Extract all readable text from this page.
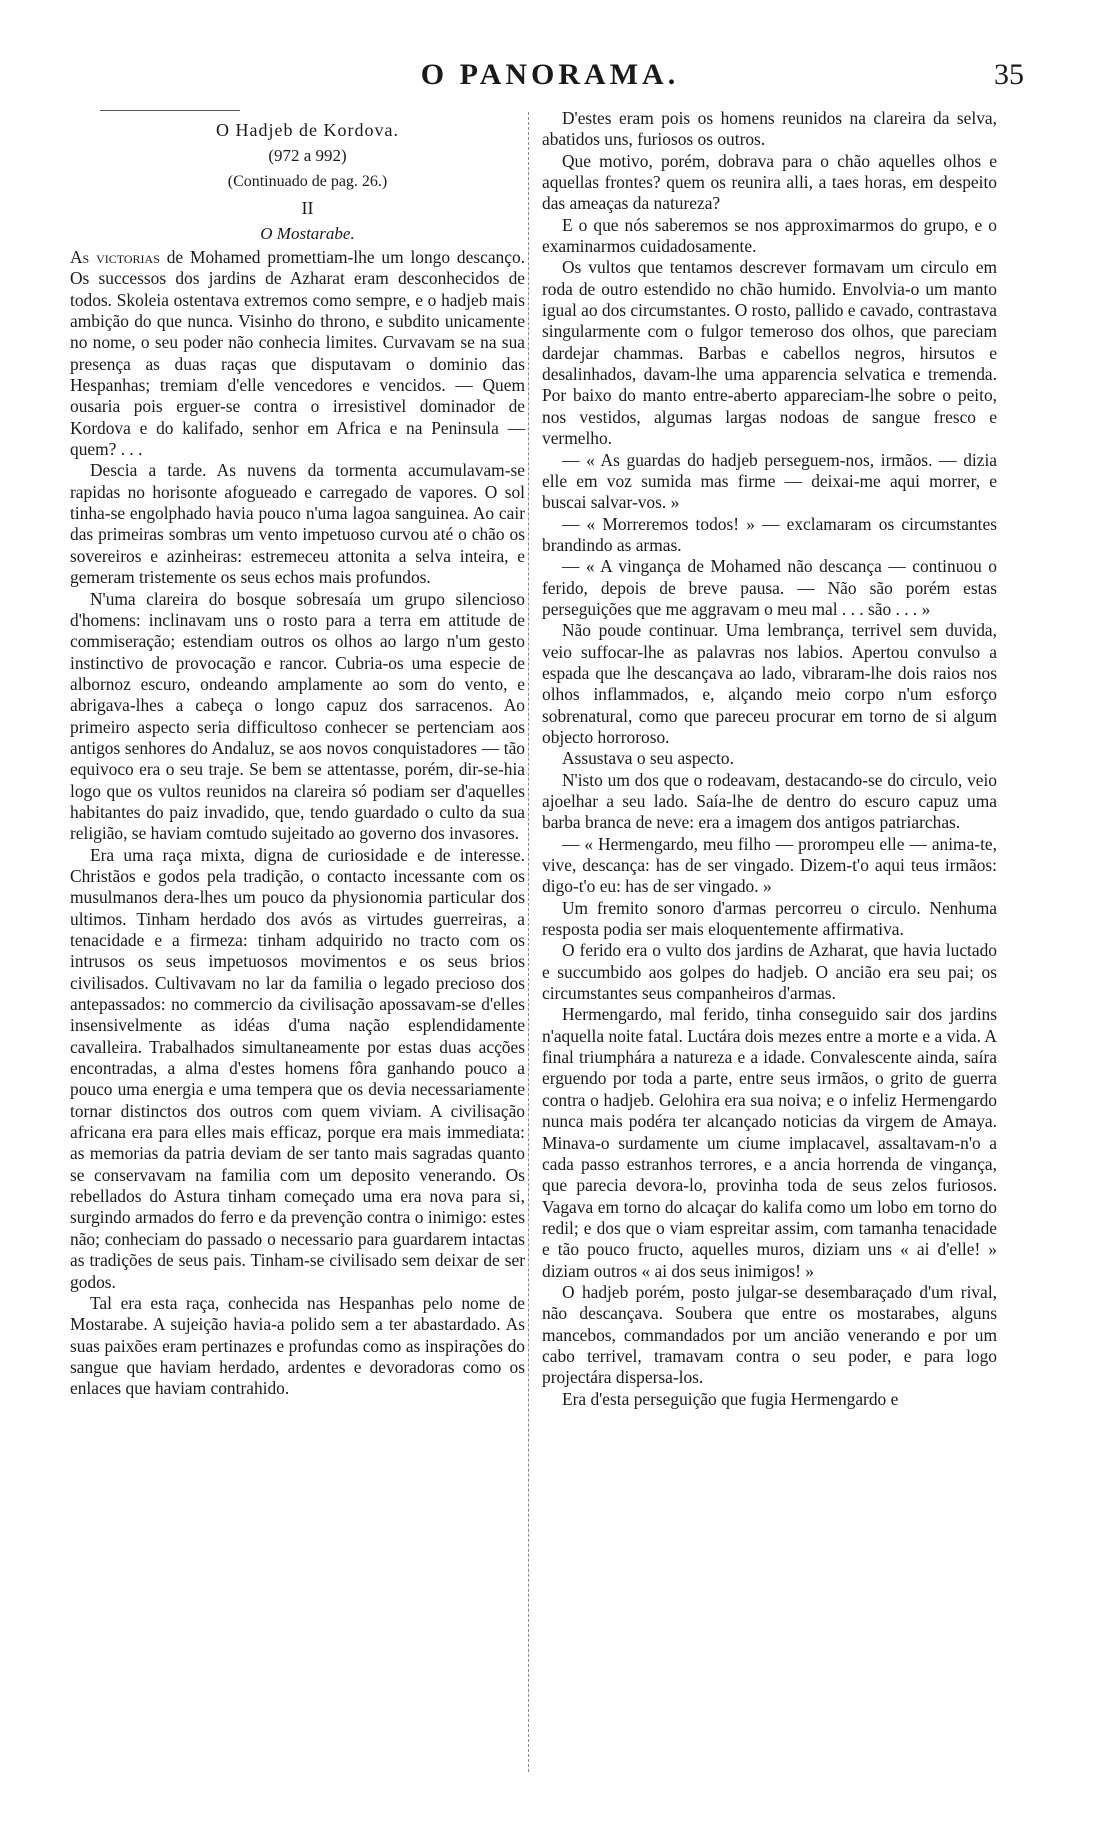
O PANORAMA.	35

O Hadjeb de Kordova.

(972 a 992)

(Continuado de pag. 26.)

II

O Mostarabe.

As victorias de Mohamed promettiam-lhe um longo descanço. Os successos dos jardins de Azharat eram desconhecidos de todos. Skoleia ostentava extremos como sempre, e o hadjeb mais ambição do que nunca. Visinho do throno, e subdito unicamente no nome, o seu poder não conhecia limites. Curvavam se na sua presença as duas raças que disputavam o dominio das Hespanhas; tremiam d'elle vencedores e vencidos. — Quem ousaria pois erguer-se contra o irresistivel dominador de Kordova e do kalifado, senhor em Africa e na Peninsula — quem? . . .

Descia a tarde. As nuvens da tormenta accumulavam-se rapidas no horisonte afogueado e carregado de vapores. O sol tinha-se engolphado havia pouco n'uma lagoa sanguinea. Ao cair das primeiras sombras um vento impetuoso curvou até o chão os sovereiros e azinheiras: estremeceu attonita a selva inteira, e gemeram tristemente os seus echos mais profundos.

N'uma clareira do bosque sobresaía um grupo silencioso d'homens: inclinavam uns o rosto para a terra em attitude de commiseração; estendiam outros os olhos ao largo n'um gesto instinctivo de provocação e rancor. Cubria-os uma especie de albornoz escuro, ondeando amplamente ao som do vento, e abrigava-lhes a cabeça o longo capuz dos sarracenos. Ao primeiro aspecto seria difficultoso conhecer se pertenciam aos antigos senhores do Andaluz, se aos novos conquistadores — tão equivoco era o seu traje. Se bem se attentasse, porém, dir-se-hia logo que os vultos reunidos na clareira só podiam ser d'aquelles habitantes do paiz invadido, que, tendo guardado o culto da sua religião, se haviam comtudo sujeitado ao governo dos invasores.

Era uma raça mixta, digna de curiosidade e de interesse. Christãos e godos pela tradição, o contacto incessante com os musulmanos dera-lhes um pouco da physionomia particular dos ultimos. Tinham herdado dos avós as virtudes guerreiras, a tenacidade e a firmeza: tinham adquirido no tracto com os intrusos os seus impetuosos movimentos e os seus brios civilisados. Cultivavam no lar da familia o legado precioso dos antepassados: no commercio da civilisação apossavam-se d'elles insensivelmente as idéas d'uma nação esplendidamente cavalleira. Trabalhados simultaneamente por estas duas acções encontradas, a alma d'estes homens fôra ganhando pouco a pouco uma energia e uma tempera que os devia necessariamente tornar distinctos dos outros com quem viviam. A civilisação africana era para elles mais efficaz, porque era mais immediata: as memorias da patria deviam de ser tanto mais sagradas quanto se conservavam na familia com um deposito venerando. Os rebellados do Astura tinham começado uma era nova para si, surgindo armados do ferro e da prevenção contra o inimigo: estes não; conheciam do passado o necessario para guardarem intactas as tradições de seus pais. Tinham-se civilisado sem deixar de ser godos.

Tal era esta raça, conhecida nas Hespanhas pelo nome de Mostarabe. A sujeição havia-a polido sem a ter abastardado. As suas paixões eram pertinazes e profundas como as inspirações do sangue que haviam herdado, ardentes e devoradoras como os enlaces que haviam contrahido.

D'estes eram pois os homens reunidos na clareira da selva, abatidos uns, furiosos os outros.

Que motivo, porém, dobrava para o chão aquelles olhos e aquellas frontes? quem os reunira alli, a taes horas, em despeito das ameaças da natureza?

E o que nós saberemos se nos approximarmos do grupo, e o examinarmos cuidadosamente.

Os vultos que tentamos descrever formavam um circulo em roda de outro estendido no chão humido. Envolvia-o um manto igual ao dos circumstantes. O rosto, pallido e cavado, contrastava singularmente com o fulgor temeroso dos olhos, que pareciam dardejar chammas. Barbas e cabellos negros, hirsutos e desalinhados, davam-lhe uma apparencia selvatica e tremenda. Por baixo do manto entre-aberto appareciam-lhe sobre o peito, nos vestidos, algumas largas nodoas de sangue fresco e vermelho.

— « As guardas do hadjeb perseguem-nos, irmãos. — dizia elle em voz sumida mas firme — deixai-me aqui morrer, e buscai salvar-vos. »

— « Morreremos todos! » — exclamaram os circumstantes brandindo as armas.

— « A vingança de Mohamed não descança — continuou o ferido, depois de breve pausa. — Não são porém estas perseguições que me aggravam o meu mal . . . são . . . »

Não poude continuar. Uma lembrança, terrivel sem duvida, veio suffocar-lhe as palavras nos labios. Apertou convulso a espada que lhe descançava ao lado, vibraram-lhe dois raios nos olhos inflammados, e, alçando meio corpo n'um esforço sobrenatural, como que pareceu procurar em torno de si algum objecto horroroso.

Assustava o seu aspecto.

N'isto um dos que o rodeavam, destacando-se do circulo, veio ajoelhar a seu lado. Saía-lhe de dentro do escuro capuz uma barba branca de neve: era a imagem dos antigos patriarchas.

— « Hermengardo, meu filho — prorompeu elle — anima-te, vive, descança: has de ser vingado. Dizem-t'o aqui teus irmãos: digo-t'o eu: has de ser vingado. »

Um fremito sonoro d'armas percorreu o circulo. Nenhuma resposta podia ser mais eloquentemente affirmativa.

O ferido era o vulto dos jardins de Azharat, que havia luctado e succumbido aos golpes do hadjeb. O ancião era seu pai; os circumstantes seus companheiros d'armas.

Hermengardo, mal ferido, tinha conseguido sair dos jardins n'aquella noite fatal. Luctára dois mezes entre a morte e a vida. A final triumphára a natureza e a idade. Convalescente ainda, saíra erguendo por toda a parte, entre seus irmãos, o grito de guerra contra o hadjeb. Gelohira era sua noiva; e o infeliz Hermengardo nunca mais podéra ter alcançado noticias da virgem de Amaya. Minava-o surdamente um ciume implacavel, assaltavam-n'o a cada passo estranhos terrores, e a ancia horrenda de vingança, que parecia devora-lo, provinha toda de seus zelos furiosos. Vagava em torno do alcaçar do kalifa como um lobo em torno do redil; e dos que o viam espreitar assim, com tamanha tenacidade e tão pouco fructo, aquelles muros, diziam uns « ai d'elle! » diziam outros « ai dos seus inimigos! »

O hadjeb porém, posto julgar-se desembaraçado d'um rival, não descançava. Soubera que entre os mostarabes, alguns mancebos, commandados por um ancião venerando e por um cabo terrivel, tramavam contra o seu poder, e para logo projectára dispersa-los.

Era d'esta perseguição que fugia Hermengardo e
